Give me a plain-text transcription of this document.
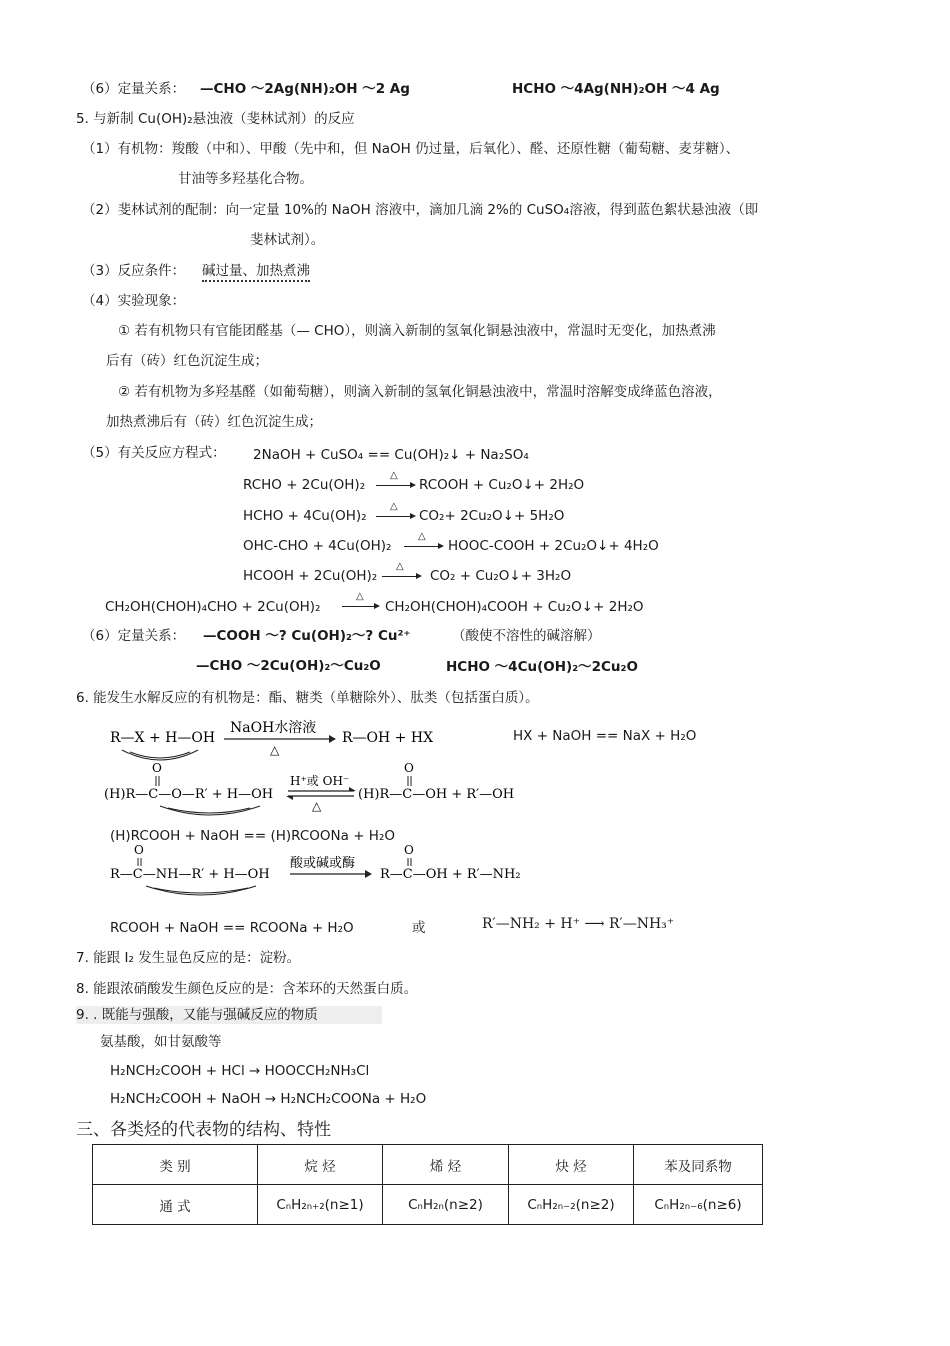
（6）定量关系： —CHO ～2Ag(NH)₂OH ～2 Ag	HCHO ～4Ag(NH)₂OH ～4 Ag
5. 与新制 Cu(OH)₂悬浊液（斐林试剂）的反应
（1）有机物：羧酸（中和）、甲酸（先中和，但 NaOH 仍过量，后氧化）、醛、还原性糖（葡萄糖、麦芽糖）、
甘油等多羟基化合物。
（2）斐林试剂的配制：向一定量 10%的 NaOH 溶液中，滴加几滴 2%的 CuSO₄溶液，得到蓝色絮状悬浊液（即
斐林试剂）。
（3）反应条件： 碱过量、加热煮沸
（4）实验现象：
① 若有机物只有官能团醛基（— CHO），则滴入新制的氢氧化铜悬浊液中，常温时无变化，加热煮沸
后有（砖）红色沉淀生成；
② 若有机物为多羟基醛（如葡萄糖），则滴入新制的氢氧化铜悬浊液中，常温时溶解变成绛蓝色溶液，
加热煮沸后有（砖）红色沉淀生成；
（5）有关反应方程式： 2NaOH + CuSO₄ == Cu(OH)₂↓ + Na₂SO₄
RCHO + 2Cu(OH)₂
△
RCOOH + Cu₂O↓+ 2H₂O
HCHO + 4Cu(OH)₂
△
CO₂+ 2Cu₂O↓+ 5H₂O
OHC-CHO + 4Cu(OH)₂
△
HOOC-COOH + 2Cu₂O↓+ 4H₂O
HCOOH + 2Cu(OH)₂
△
CO₂ + Cu₂O↓+ 3H₂O
CH₂OH(CHOH)₄CHO + 2Cu(OH)₂
△
CH₂OH(CHOH)₄COOH + Cu₂O↓+ 2H₂O
（6）定量关系： —COOH ～? Cu(OH)₂～? Cu²⁺	（酸使不溶性的碱溶解）
—CHO ～2Cu(OH)₂～Cu₂O	HCHO ～4Cu(OH)₂～2Cu₂O
6. 能发生水解反应的有机物是：酯、糖类（单糖除外）、肽类（包括蛋白质）。
R—X + H—OH
NaOH水溶液
△
R—OH + HX
O
(H)R—C—O—R′ + H—OH
H⁺或 OH⁻
△
O
(H)R—C—OH + R′—OH
O
R—C—NH—R′ + H—OH
酸或碱或酶
O
R—C—OH + R′—NH₂
HX + NaOH == NaX + H₂O
(H)RCOOH + NaOH == (H)RCOONa + H₂O
RCOOH + NaOH == RCOONa + H₂O	或	R′—NH₂ + H⁺ ⟶ R′—NH₃⁺
7. 能跟 I₂ 发生显色反应的是：淀粉。
8. 能跟浓硝酸发生颜色反应的是：含苯环的天然蛋白质。
9. . 既能与强酸，又能与强碱反应的物质
氨基酸，如甘氨酸等
H₂NCH₂COOH + HCl → HOOCCH₂NH₃Cl
H₂NCH₂COOH + NaOH → H₂NCH₂COONa + H₂O
三、各类烃的代表物的结构、特性
类 别	烷 烃	烯 烃	炔 烃	苯及同系物
通 式	CₙH₂ₙ₊₂(n≥1)	CₙH₂ₙ(n≥2)	CₙH₂ₙ₋₂(n≥2)	CₙH₂ₙ₋₆(n≥6)
